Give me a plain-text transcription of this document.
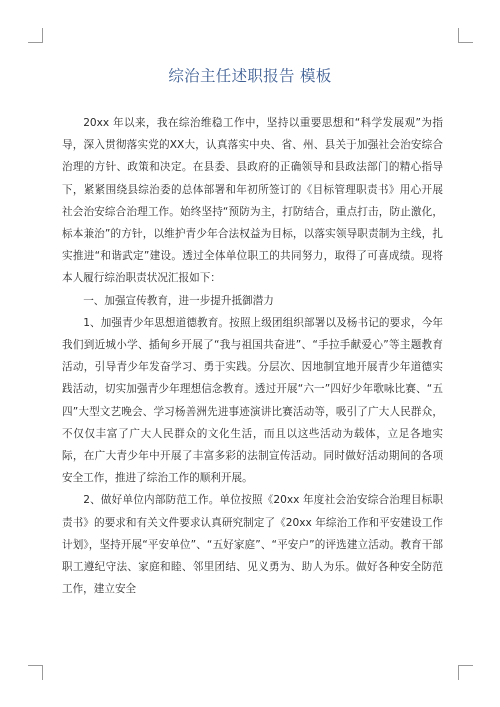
综治主任述职报告 模板

20xx 年以来，我在综治维稳工作中，坚持以重要思想和“科学发展观”为指导，深入贯彻落实党的XX大，认真落实中央、省、州、县关于加强社会治安综合治理的方针、政策和决定。在县委、县政府的正确领导和县政法部门的精心指导下，紧紧围绕县综治委的总体部署和年初所签订的《目标管理职责书》用心开展社会治安综合治理工作。始终坚持“预防为主，打防结合，重点打击，防止激化，标本兼治”的方针，以维护青少年合法权益为目标，以落实领导职责制为主线，扎实推进“和谐武定”建设。透过全体单位职工的共同努力，取得了可喜成绩。现将本人履行综治职责状况汇报如下：

一、加强宣传教育，进一步提升抵御潜力

1、加强青少年思想道德教育。按照上级团组织部署以及杨书记的要求，今年我们到近城小学、插甸乡开展了“我与祖国共奋进”、“手拉手献爱心”等主题教育活动，引导青少年发奋学习、勇于实践。分层次、因地制宜地开展青少年道德实践活动，切实加强青少年理想信念教育。透过开展“六一”四好少年歌咏比赛、“五四”大型文艺晚会、学习杨善洲先进事迹演讲比赛活动等，吸引了广大人民群众，不仅仅丰富了广大人民群众的文化生活，而且以这些活动为载体，立足各地实际，在广大青少年中开展了丰富多彩的法制宣传活动。同时做好活动期间的各项安全工作，推进了综治工作的顺利开展。

2、做好单位内部防范工作。单位按照《20xx 年度社会治安综合治理目标职责书》的要求和有关文件要求认真研究制定了《20xx 年综治工作和平安建设工作计划》，坚持开展“平安单位”、“五好家庭”、“平安户”的评选建立活动。教育干部职工遵纪守法、家庭和睦、邻里团结、见义勇为、助人为乐。做好各种安全防范工作，建立安全
